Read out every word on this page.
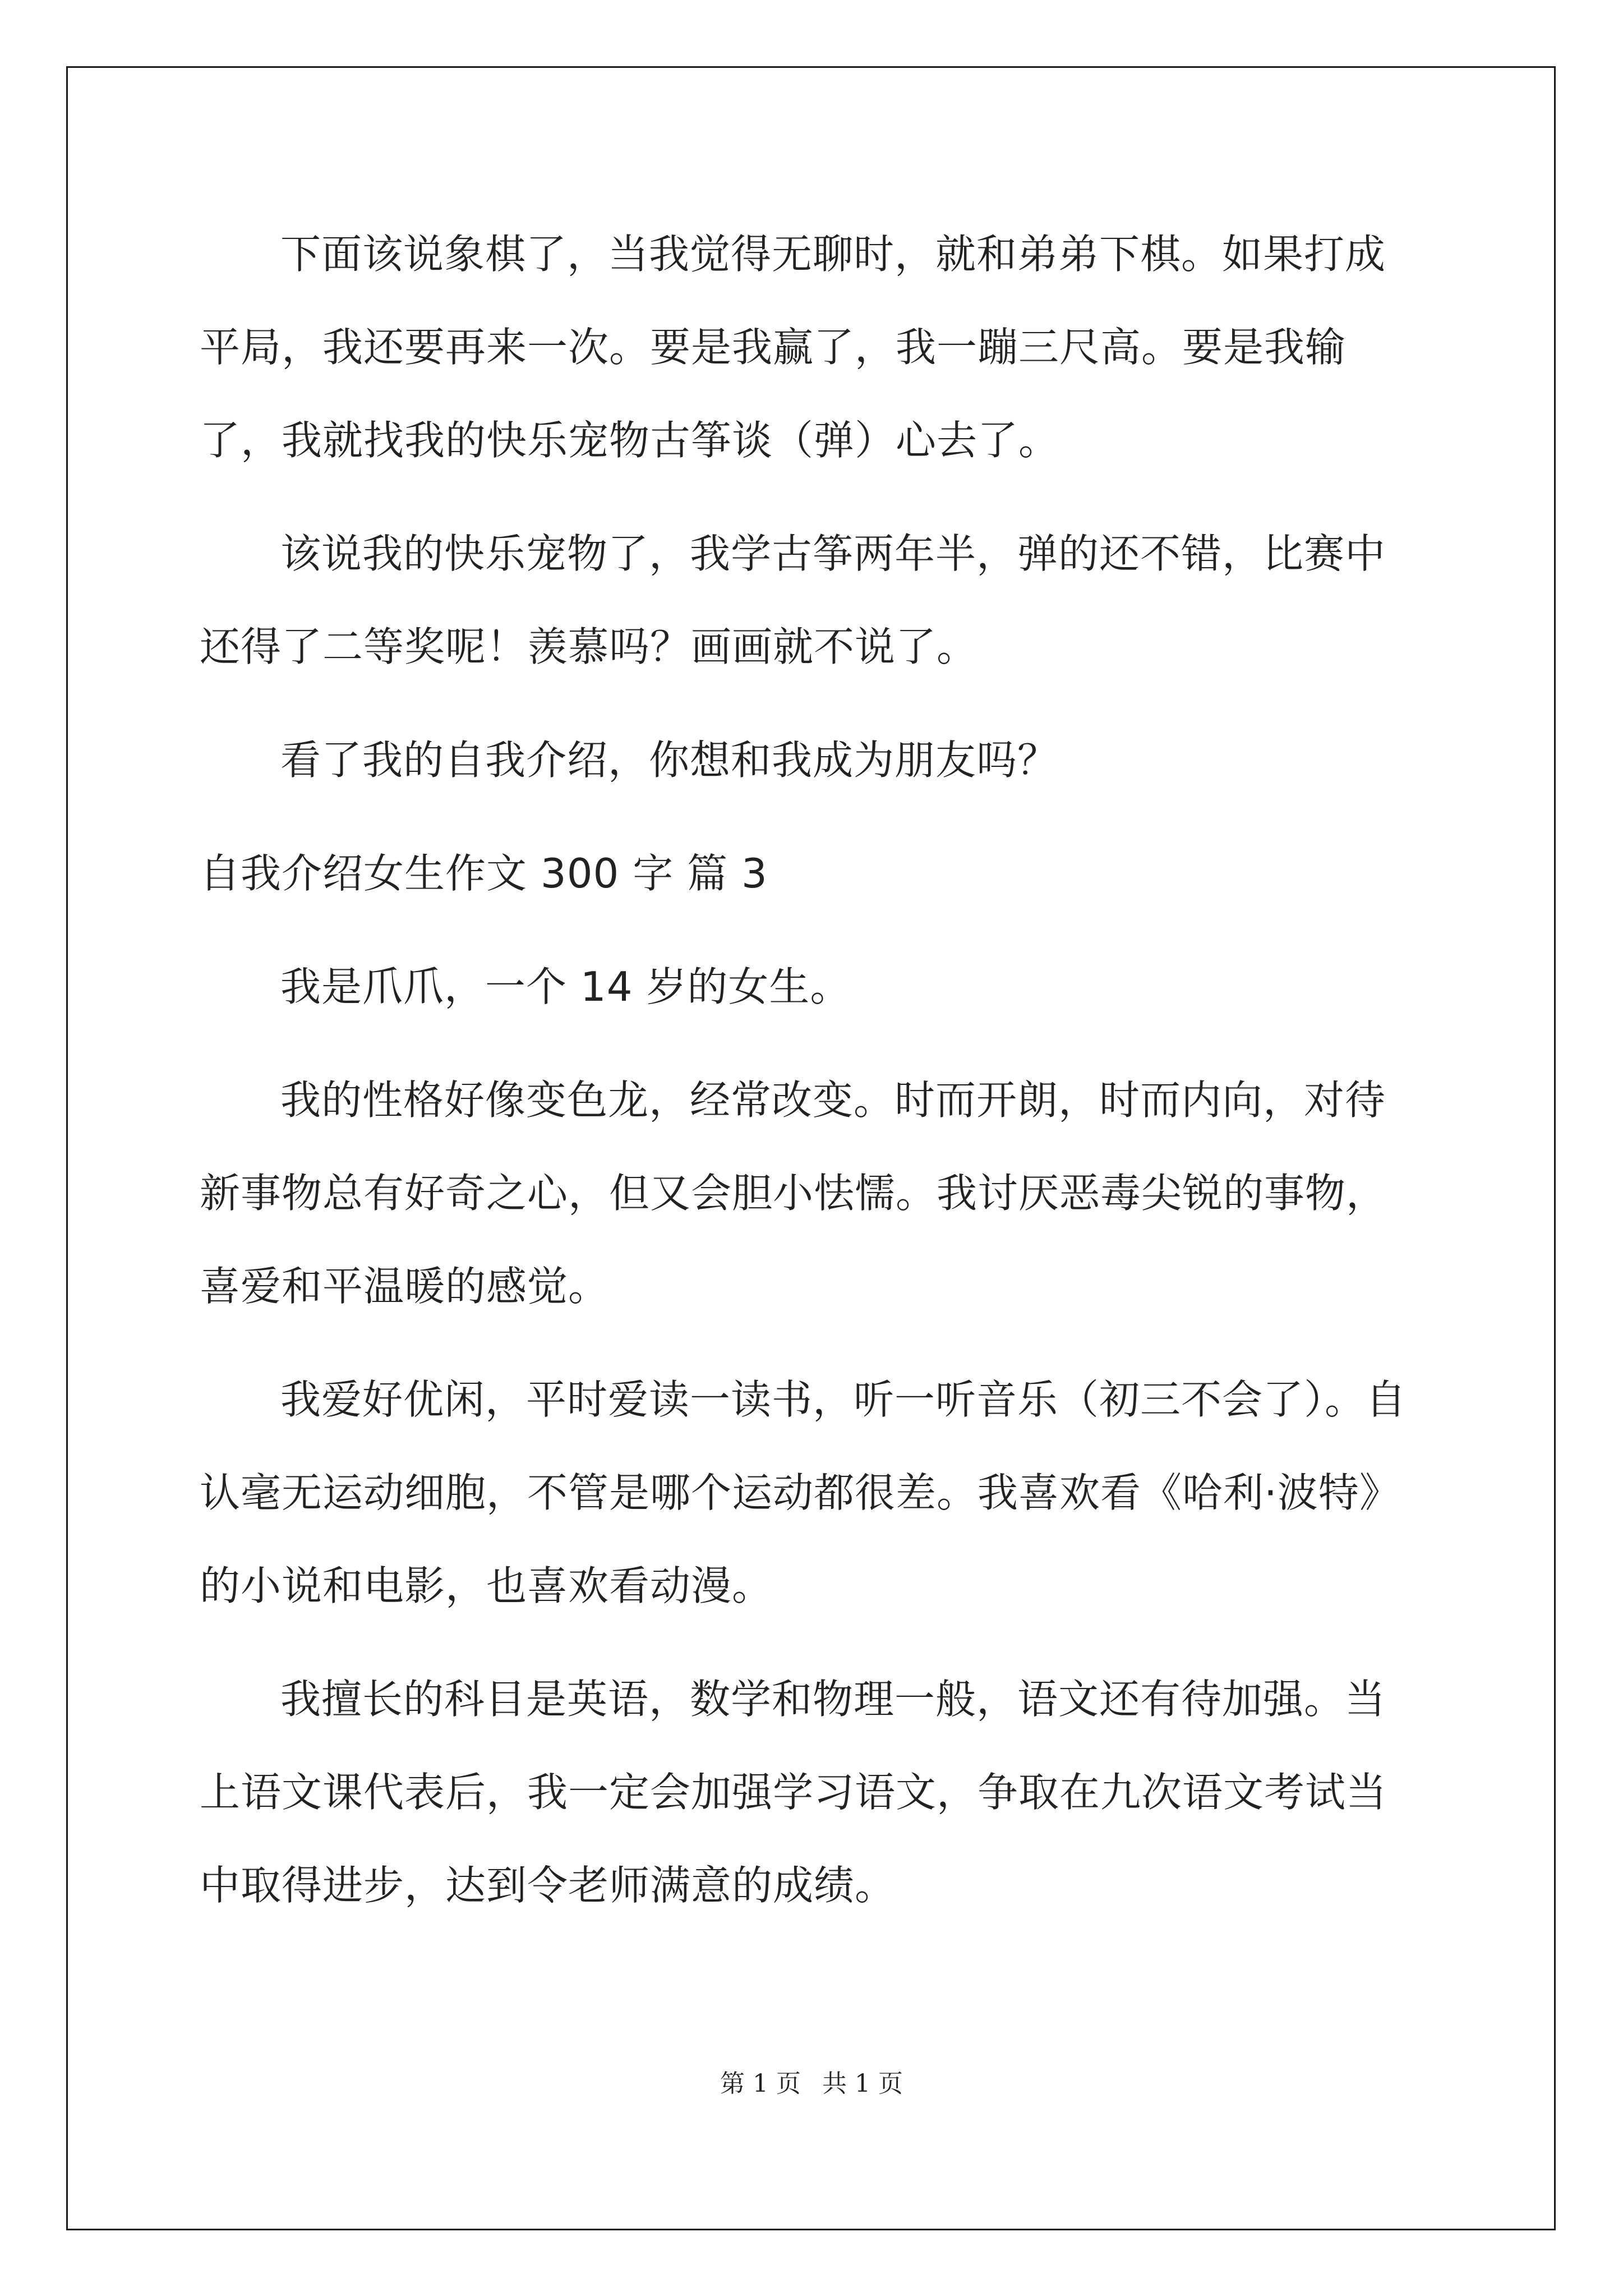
下面该说象棋了，当我觉得无聊时，就和弟弟下棋。如果打成平局，我还要再来一次。要是我赢了，我一蹦三尺高。要是我输了，我就找我的快乐宠物古筝谈（弹）心去了。

该说我的快乐宠物了，我学古筝两年半，弹的还不错，比赛中还得了二等奖呢！羡慕吗？画画就不说了。

看了我的自我介绍，你想和我成为朋友吗？

自我介绍女生作文 300 字 篇 3

我是爪爪，一个 14 岁的女生。

我的性格好像变色龙，经常改变。时而开朗，时而内向，对待新事物总有好奇之心，但又会胆小怯懦。我讨厌恶毒尖锐的事物，喜爱和平温暖的感觉。

我爱好优闲，平时爱读一读书，听一听音乐（初三不会了）。自认毫无运动细胞，不管是哪个运动都很差。我喜欢看《哈利·波特》的小说和电影，也喜欢看动漫。

我擅长的科目是英语，数学和物理一般，语文还有待加强。当上语文课代表后，我一定会加强学习语文，争取在九次语文考试当中取得进步，达到令老师满意的成绩。

第 1 页 共 1 页
